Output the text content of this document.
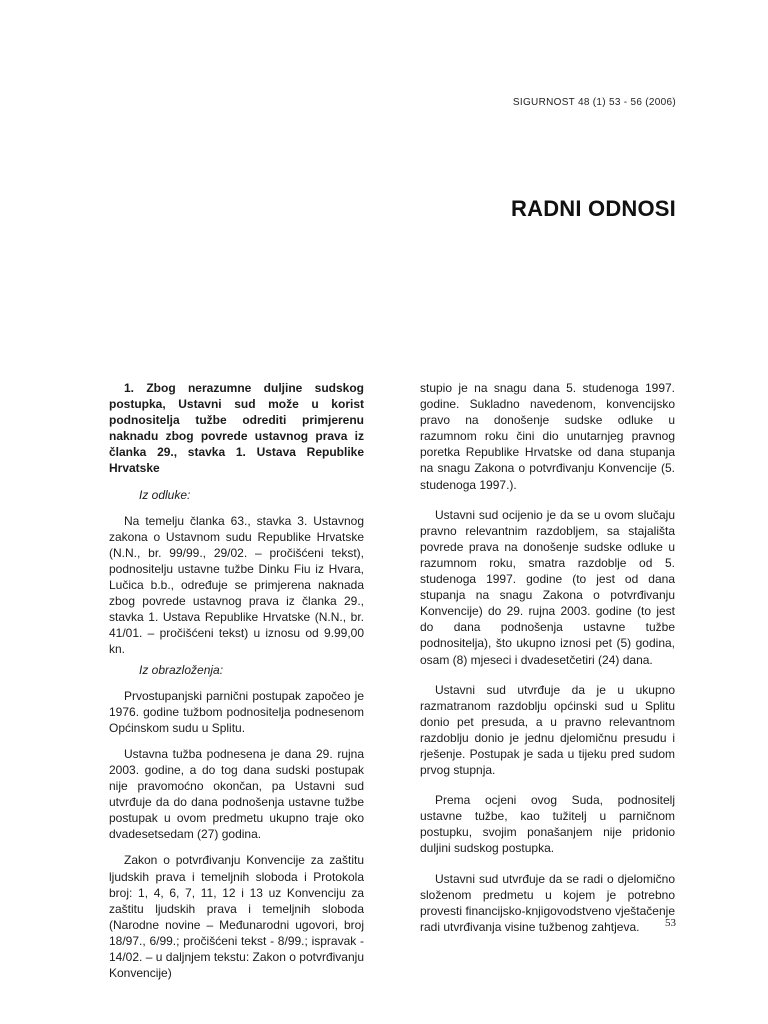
SIGURNOST 48 (1) 53 - 56 (2006)
RADNI ODNOSI

1. Zbog nerazumne duljine sudskog postupka, Ustavni sud može u korist podnositelja tužbe odrediti primjerenu naknadu zbog povrede ustavnog prava iz članka 29., stavka 1. Ustava Republike Hrvatske

Iz odluke:

Na temelju članka 63., stavka 3. Ustavnog zakona o Ustavnom sudu Republike Hrvatske (N.N., br. 99/99., 29/02. – pročišćeni tekst), podnositelju ustavne tužbe Dinku Fiu iz Hvara, Lučica b.b., određuje se primjerena naknada zbog povrede ustavnog prava iz članka 29., stavka 1. Ustava Republike Hrvatske (N.N., br. 41/01. – pročišćeni tekst) u iznosu od 9.99,00 kn.

Iz obrazloženja:

Prvostupanjski parnični postupak započeo je 1976. godine tužbom podnositelja podnesenom Općinskom sudu u Splitu.

Ustavna tužba podnesena je dana 29. rujna 2003. godine, a do tog dana sudski postupak nije pravomoćno okončan, pa Ustavni sud utvrđuje da do dana podnošenja ustavne tužbe postupak u ovom predmetu ukupno traje oko dvadesetsedam (27) godina.

Zakon o potvrđivanju Konvencije za zaštitu ljudskih prava i temeljnih sloboda i Protokola broj: 1, 4, 6, 7, 11, 12 i 13 uz Konvenciju za zaštitu ljudskih prava i temeljnih sloboda (Narodne novine – Međunarodni ugovori, broj 18/97., 6/99.; pročišćeni tekst - 8/99.; ispravak - 14/02. – u daljnjem tekstu: Zakon o potvrđivanju Konvencije)

stupio je na snagu dana 5. studenoga 1997. godine. Sukladno navedenom, konvencijsko pravo na donošenje sudske odluke u razumnom roku čini dio unutarnjeg pravnog poretka Republike Hrvatske od dana stupanja na snagu Zakona o potvrđivanju Konvencije (5. studenoga 1997.).

Ustavni sud ocijenio je da se u ovom slučaju pravno relevantnim razdobljem, sa stajališta povrede prava na donošenje sudske odluke u razumnom roku, smatra razdoblje od 5. studenoga 1997. godine (to jest od dana stupanja na snagu Zakona o potvrđivanju Konvencije) do 29. rujna 2003. godine (to jest do dana podnošenja ustavne tužbe podnositelja), što ukupno iznosi pet (5) godina, osam (8) mjeseci i dvadesetčetiri (24) dana.

Ustavni sud utvrđuje da je u ukupno razmatranom razdoblju općinski sud u Splitu donio pet presuda, a u pravno relevantnom razdoblju donio je jednu djelomičnu presudu i rješenje. Postupak je sada u tijeku pred sudom prvog stupnja.

Prema ocjeni ovog Suda, podnositelj ustavne tužbe, kao tužitelj u parničnom postupku, svojim ponašanjem nije pridonio duljini sudskog postupka.

Ustavni sud utvrđuje da se radi o djelomično složenom predmetu u kojem je potrebno provesti financijsko-knjigovodstveno vještačenje radi utvrđivanja visine tužbenog zahtjeva.	53
